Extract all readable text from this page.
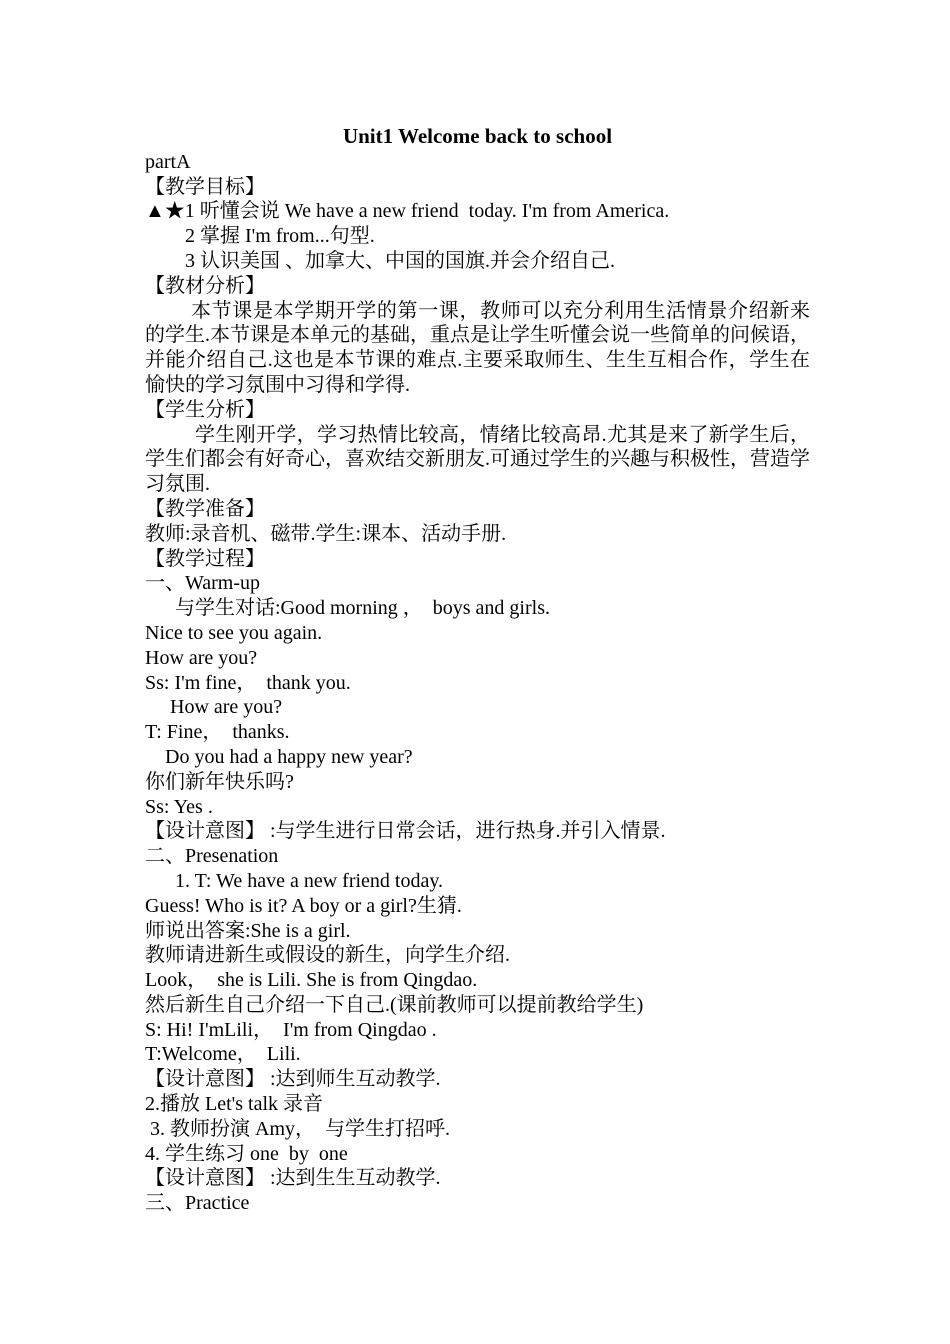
Unit1 Welcome back to school

partA

【教学目标】

▲★1 听懂会说 We have a new friend  today. I'm from America.

2 掌握 I'm from...句型.

3 认识美国 、加拿大、中国的国旗.并会介绍自己.

【教材分析】

本节课是本学期开学的第一课，教师可以充分利用生活情景介绍新来的学生.本节课是本单元的基础，重点是让学生听懂会说一些简单的问候语，并能介绍自己.这也是本节课的难点.主要采取师生、生生互相合作，学生在愉快的学习氛围中习得和学得.

【学生分析】

学生刚开学，学习热情比较高，情绪比较高昂.尤其是来了新学生后，学生们都会有好奇心，喜欢结交新朋友.可通过学生的兴趣与积极性，营造学习氛围.

【教学准备】

教师:录音机、磁带.学生:课本、活动手册.

【教学过程】

一、Warm-up

与学生对话:Good morning ，  boys and girls.

Nice to see you again.

How are you?

Ss: I'm fine，  thank you.

How are you?

T: Fine，  thanks.

Do you had a happy new year?

你们新年快乐吗?

Ss: Yes .

【设计意图】 :与学生进行日常会话，进行热身.并引入情景.

二、Presenation

1. T: We have a new friend today.

Guess! Who is it? A boy or a girl?生猜.

师说出答案:She is a girl.

教师请进新生或假设的新生，向学生介绍.

Look，  she is Lili. She is from Qingdao.

然后新生自己介绍一下自己.(课前教师可以提前教给学生)

S: Hi! I'mLili，  I'm from Qingdao .

T:Welcome，  Lili.

【设计意图】 :达到师生互动教学.

2.播放 Let's talk 录音

3. 教师扮演 Amy，  与学生打招呼.

4. 学生练习 one  by  one

【设计意图】 :达到生生互动教学.

三、Practice
